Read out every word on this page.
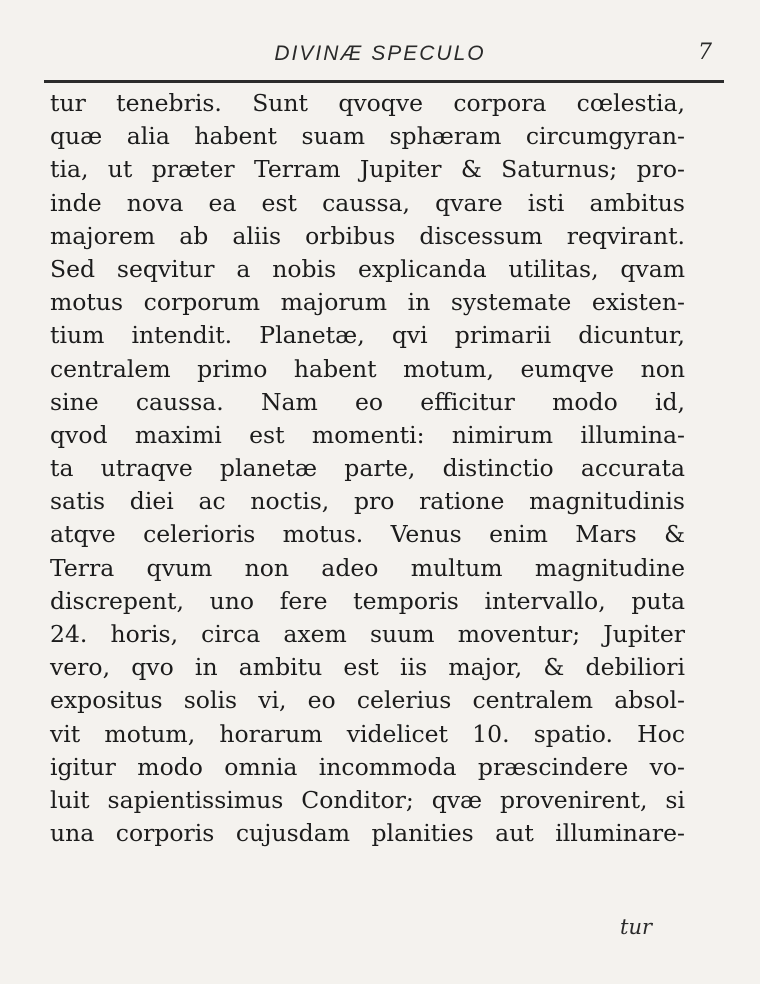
DIVINÆ SPECULO	7
tur tenebris. Sunt qvoqve corpora cœlestia,
quæ alia habent suam sphæram circumgyran-
tia, ut præter Terram Jupiter & Saturnus; pro-
inde nova ea est caussa, qvare isti ambitus
majorem ab aliis orbibus discessum reqvirant.
Sed seqvitur a nobis explicanda utilitas, qvam
motus corporum majorum in systemate existen-
tium intendit. Planetæ, qvi primarii dicuntur,
centralem primo habent motum, eumqve non
sine caussa. Nam eo efficitur modo id,
qvod maximi est momenti: nimirum illumina-
ta utraqve planetæ parte, distinctio accurata
satis diei ac noctis, pro ratione magnitudinis
atqve celerioris motus. Venus enim Mars &
Terra qvum non adeo multum magnitudine
discrepent, uno fere temporis intervallo, puta
24. horis, circa axem suum moventur; Jupiter
vero, qvo in ambitu est iis major, & debiliori
expositus solis vi, eo celerius centralem absol-
vit motum, horarum videlicet 10. spatio. Hoc
igitur modo omnia incommoda præscindere vo-
luit sapientissimus Conditor; qvæ provenirent, si
una corporis cujusdam planities aut illuminare-
tur
